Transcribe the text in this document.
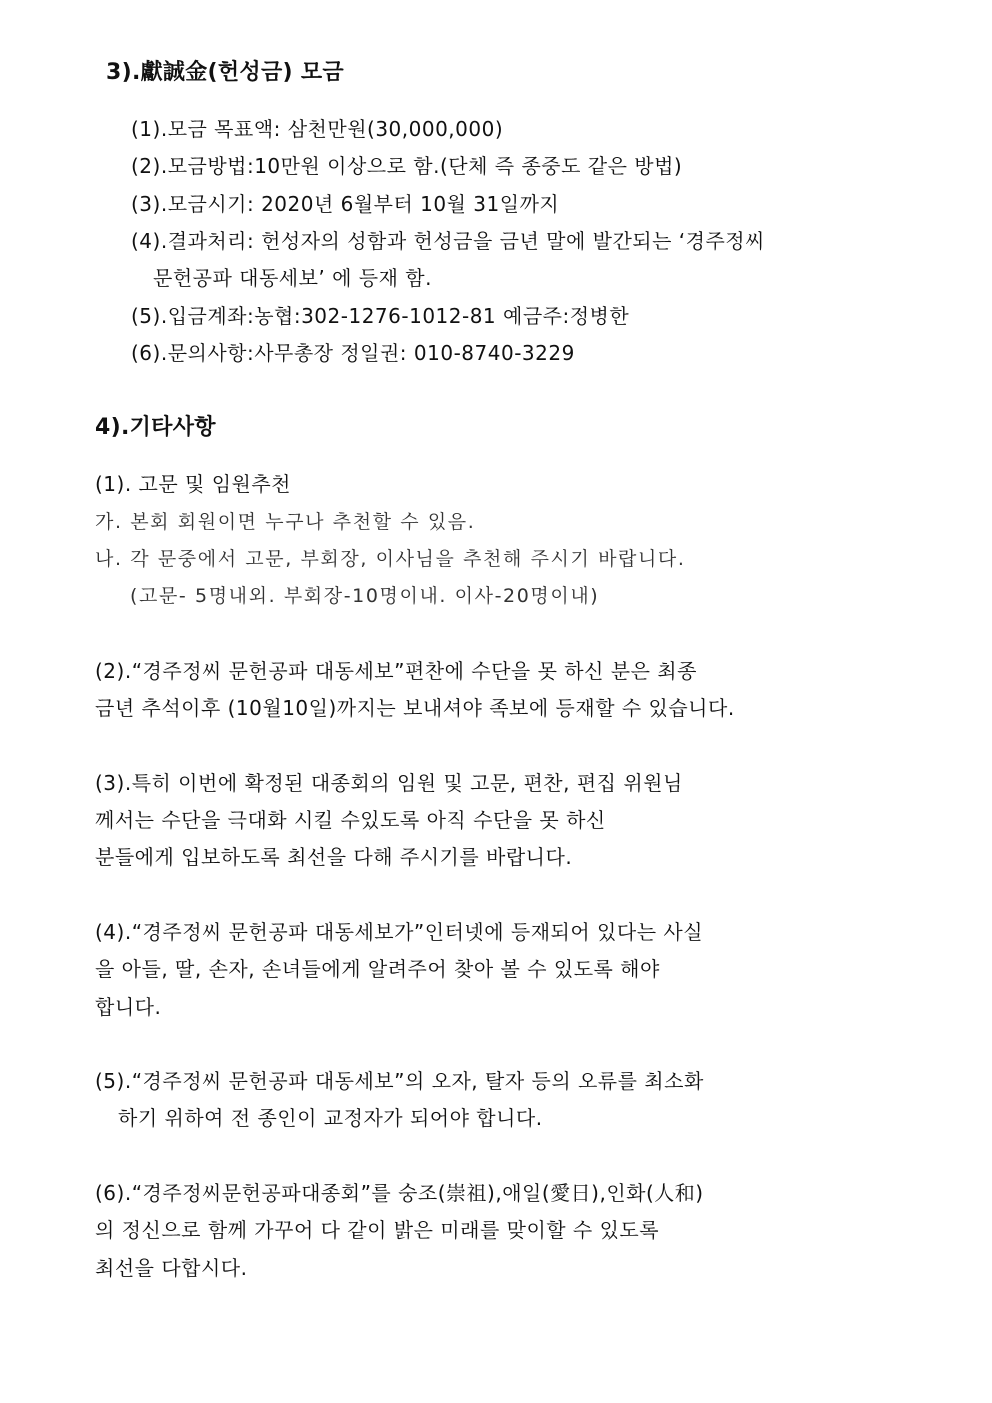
3).獻誠金(헌성금) 모금
(1).모금 목표액: 삼천만원(30,000,000)
(2).모금방법:10만원 이상으로 함.(단체 즉 종중도 같은 방법)
(3).모금시기: 2020년 6월부터 10월 31일까지
(4).결과처리: 헌성자의 성함과 헌성금을 금년 말에 발간되는 ‘경주정씨
문헌공파 대동세보’ 에 등재 함.
(5).입금계좌:농협:302-1276-1012-81 예금주:정병한
(6).문의사항:사무총장 정일권: 010-8740-3229
4).기타사항
(1). 고문 및 임원추천
가. 본회 회원이면 누구나 추천할 수 있음.
나. 각 문중에서 고문, 부회장, 이사님을 추천해 주시기 바랍니다.
(고문- 5명내외. 부회장-10명이내. 이사-20명이내)
(2).“경주정씨 문헌공파 대동세보”편찬에 수단을 못 하신 분은 최종
금년 추석이후 (10월10일)까지는 보내셔야 족보에 등재할 수 있습니다.
(3).특히 이번에 확정된 대종회의 임원 및 고문, 편찬, 편집 위원님
께서는 수단을 극대화 시킬 수있도록 아직 수단을 못 하신
분들에게 입보하도록 최선을 다해 주시기를 바랍니다.
(4).“경주정씨 문헌공파 대동세보가”인터넷에 등재되어 있다는 사실
을 아들, 딸, 손자, 손녀들에게 알려주어 찾아 볼 수 있도록 해야
합니다.
(5).“경주정씨 문헌공파 대동세보”의 오자, 탈자 등의 오류를 최소화
하기 위하여 전 종인이 교정자가 되어야 합니다.
(6).“경주정씨문헌공파대종회”를 숭조(崇祖),애일(愛日),인화(人和)
의 정신으로 함께 가꾸어 다 같이 밝은 미래를 맞이할 수 있도록
최선을 다합시다.
